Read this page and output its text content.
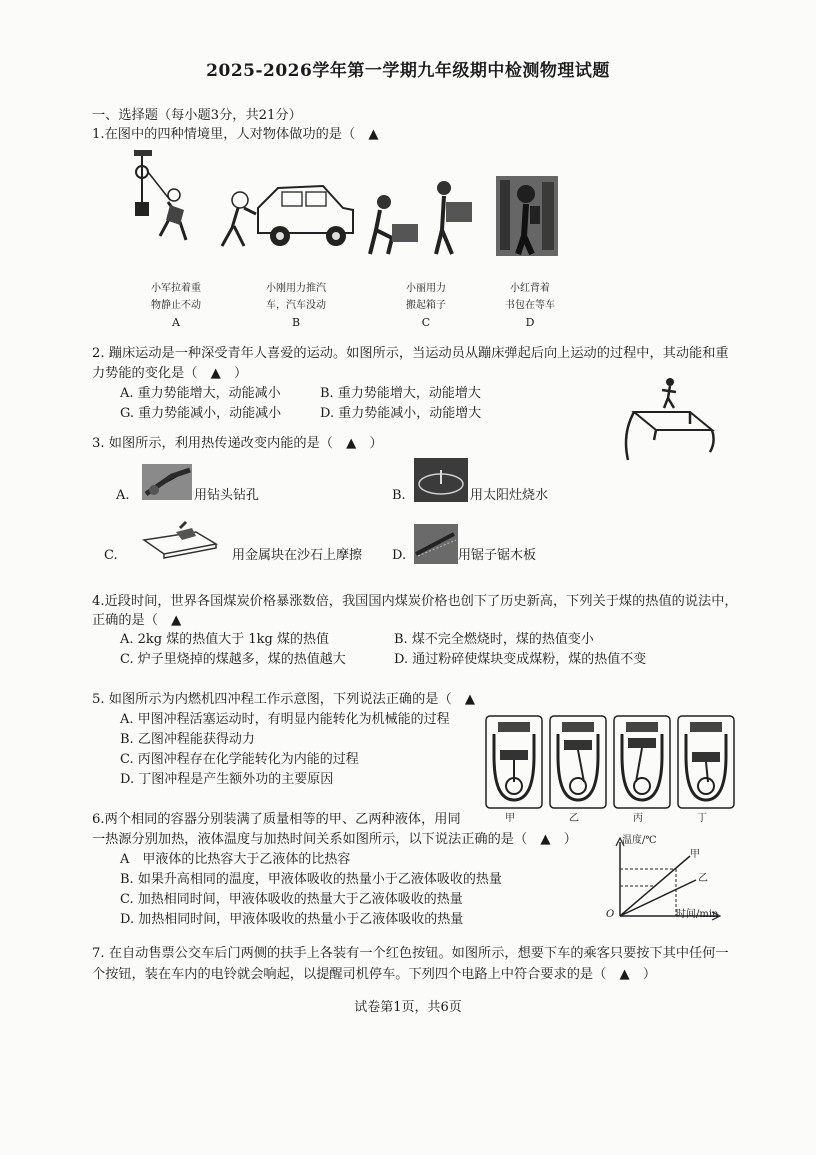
2025-2026学年第一学期九年级期中检测物理试题
一、选择题（每小题3分，共21分）
1.在图中的四种情境里，人对物体做功的是（　▲
小军拉着重
物静止不动
A
小刚用力推汽
车，汽车没动
B
小丽用力
搬起箱子
C
小红背着
书包在等车
D
2. 蹦床运动是一种深受青年人喜爱的运动。如图所示，当运动员从蹦床弹起后向上运动的过程中，其动能和重
力势能的变化是（　▲　）
A. 重力势能增大，动能减小	B. 重力势能增大，动能增大
G. 重力势能减小，动能减小	D. 重力势能减小，动能增大
3. 如图所示，利用热传递改变内能的是（　▲　）
A.	用钻头钻孔	B.	用太阳灶烧水
C.	用金属块在沙石上摩擦 D.	用锯子锯木板
4.近段时间，世界各国煤炭价格暴涨数倍，我国国内煤炭价格也创下了历史新高，下列关于煤的热值的说法中，
正确的是（　▲
A. 2kg 煤的热值大于 1kg 煤的热值	B. 煤不完全燃烧时，煤的热值变小
C. 炉子里烧掉的煤越多，煤的热值越大	D. 通过粉碎使煤块变成煤粉，煤的热值不变
5. 如图所示为内燃机四冲程工作示意图，下列说法正确的是（　▲
A. 甲图冲程活塞运动时，有明显内能转化为机械能的过程
B. 乙图冲程能获得动力
C. 丙图冲程存在化学能转化为内能的过程
D. 丁图冲程是产生额外功的主要原因
甲	乙	丙	丁
6.两个相同的容器分别装满了质量相等的甲、乙两种液体，用同
一热源分别加热，液体温度与加热时间关系如图所示，以下说法正确的是（　▲　）
A　甲液体的比热容大于乙液体的比热容
B. 如果升高相同的温度，甲液体吸收的热量小于乙液体吸收的热量
C. 加热相同时间，甲液体吸收的热量大于乙液体吸收的热量
D. 加热相同时间，甲液体吸收的热量小于乙液体吸收的热量
温度/℃
时间/min
O
甲
乙
7. 在自动售票公交车后门两侧的扶手上各装有一个红色按钮。如图所示，想要下车的乘客只要按下其中任何一
个按钮，装在车内的电铃就会响起，以提醒司机停车。下列四个电路上中符合要求的是（　▲　）
试卷第1页，共6页
